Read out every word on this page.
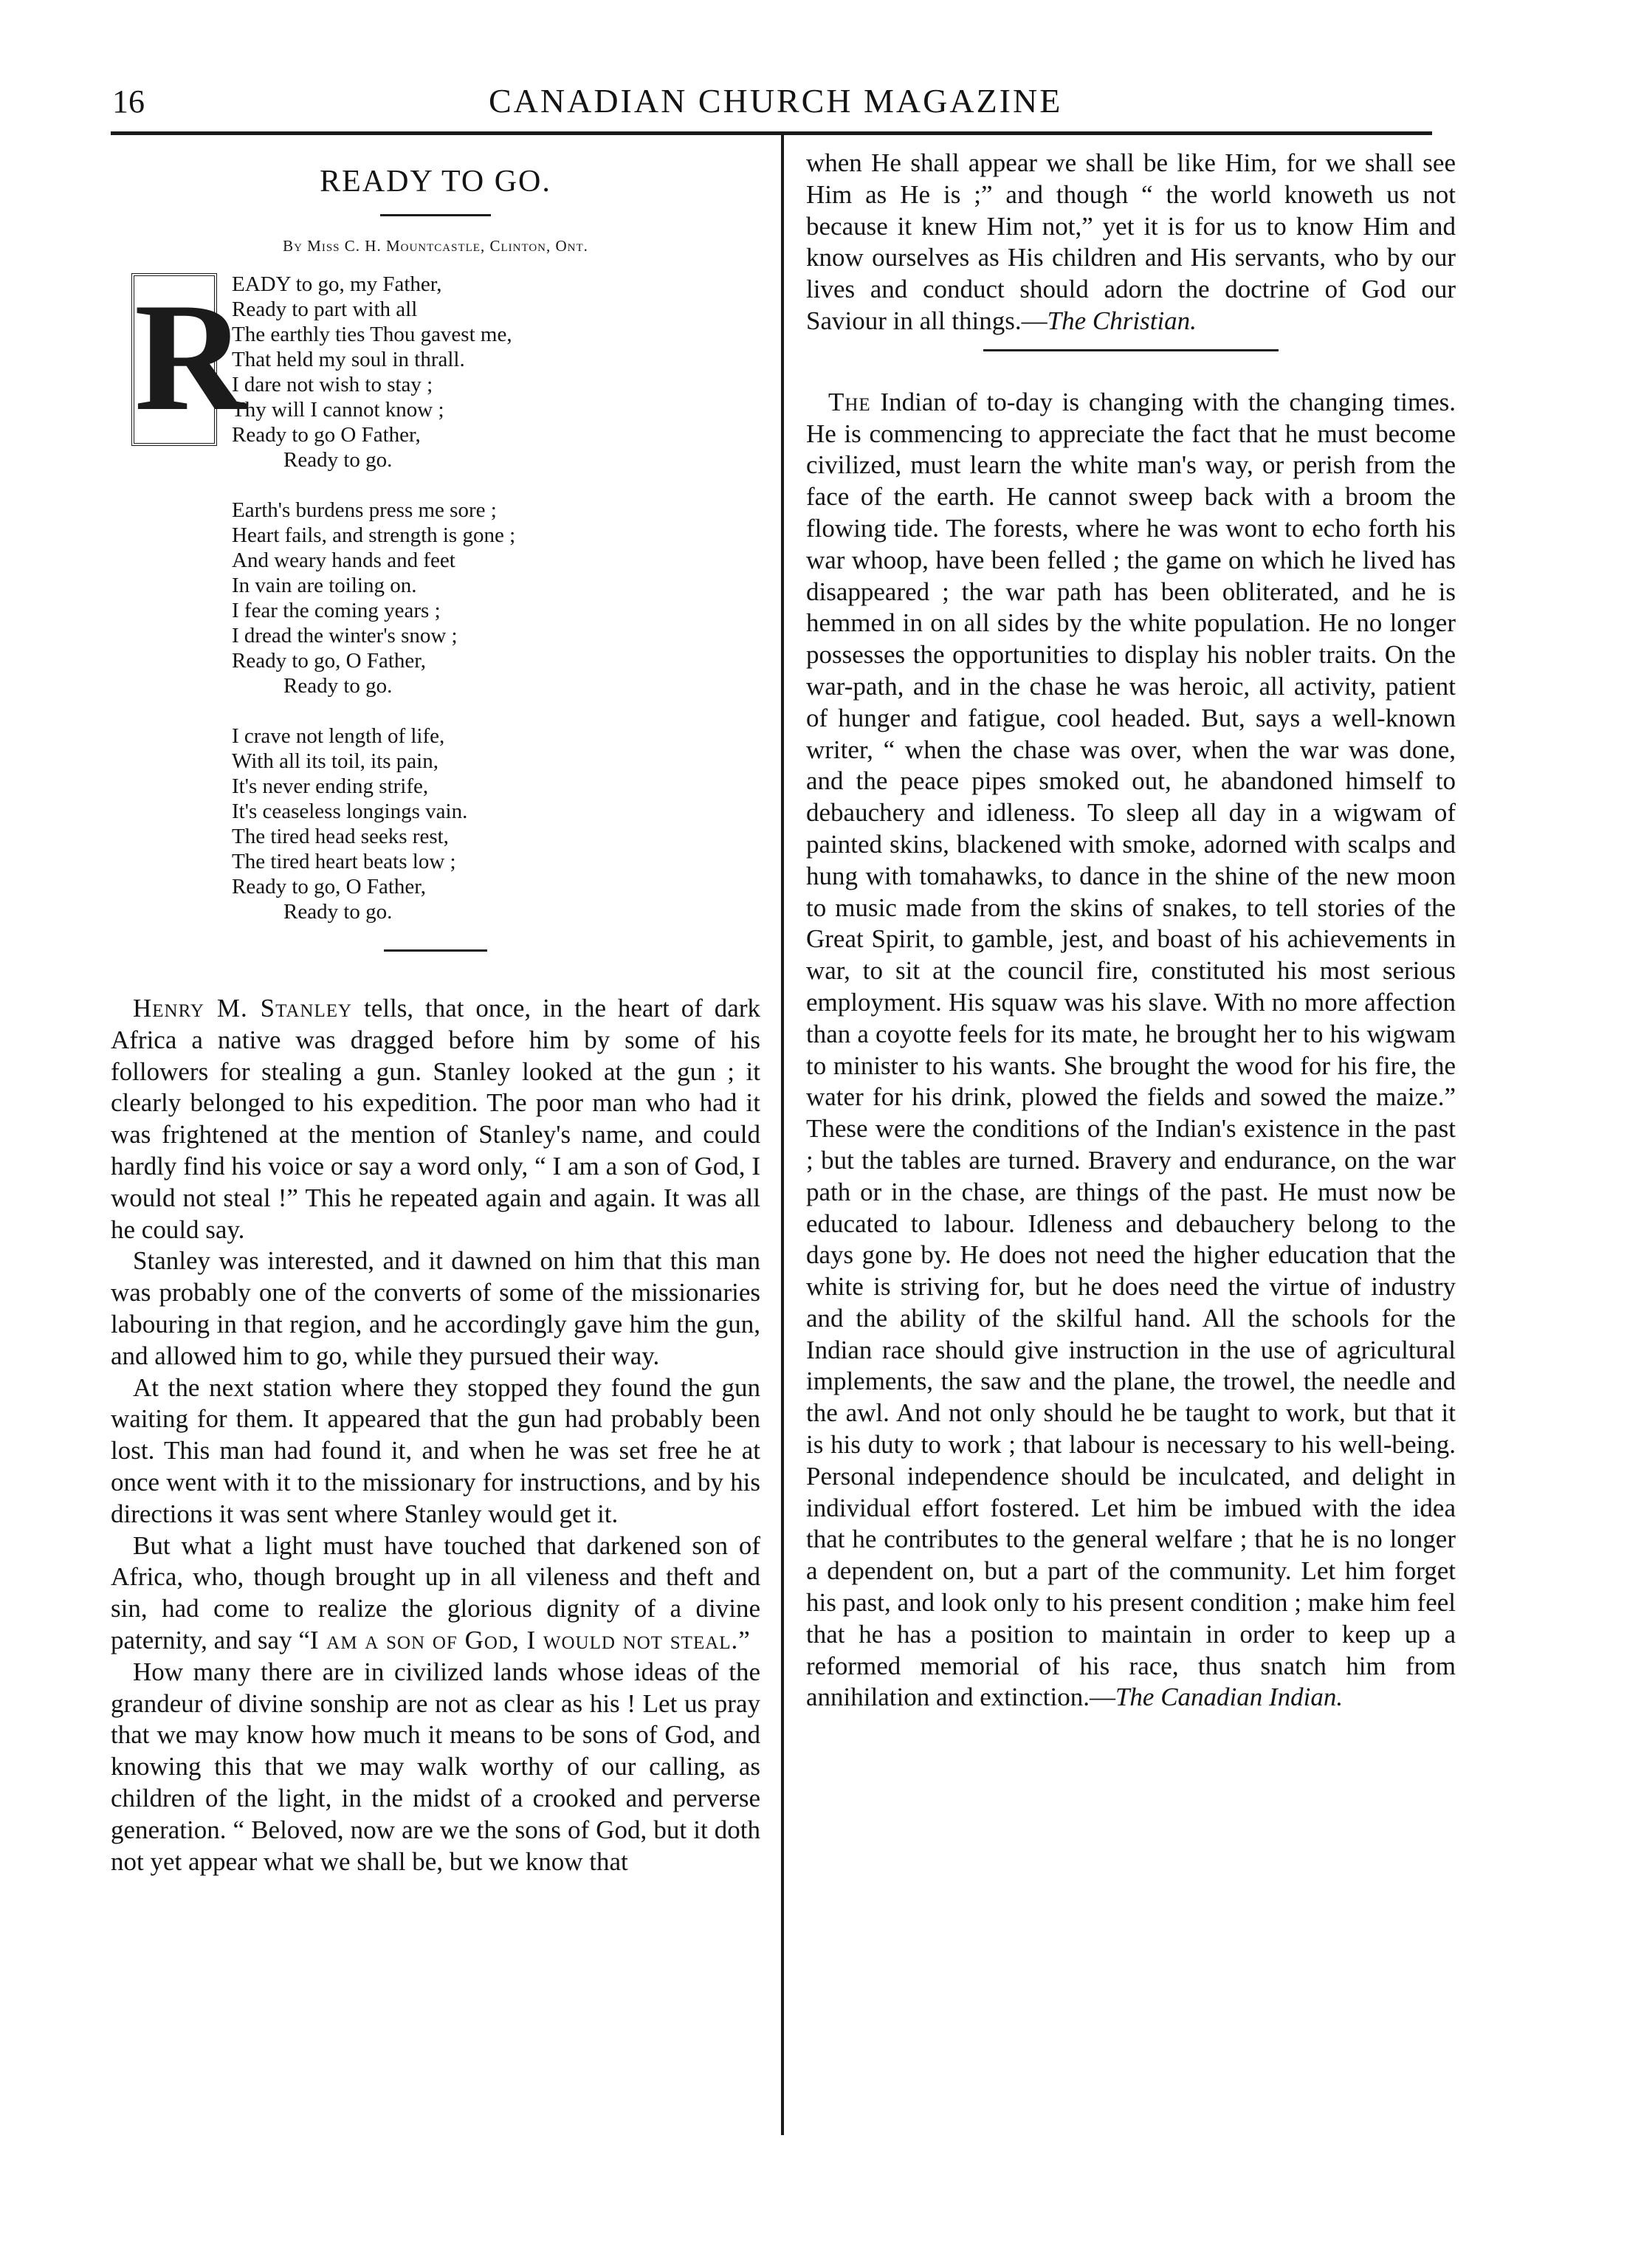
16	CANADIAN CHURCH MAGAZINE
READY TO GO.
By Miss C. H. Mountcastle, Clinton, Ont.
R
EADY to go, my Father,
Ready to part with all
The earthly ties Thou gavest me,
That held my soul in thrall.
I dare not wish to stay ;
Thy will I cannot know ;
Ready to go O Father,
Ready to go.
Earth's burdens press me sore ;
Heart fails, and strength is gone ;
And weary hands and feet
In vain are toiling on.
I fear the coming years ;
I dread the winter's snow ;
Ready to go, O Father,
Ready to go.
I crave not length of life,
With all its toil, its pain,
It's never ending strife,
It's ceaseless longings vain.
The tired head seeks rest,
The tired heart beats low ;
Ready to go, O Father,
Ready to go.

Henry M. Stanley tells, that once, in the heart of dark Africa a native was dragged before him by some of his followers for stealing a gun. Stanley looked at the gun ; it clearly belonged to his expedition. The poor man who had it was frightened at the mention of Stanley's name, and could hardly find his voice or say a word only, “ I am a son of God, I would not steal !” This he repeated again and again. It was all he could say.

Stanley was interested, and it dawned on him that this man was probably one of the converts of some of the missionaries labouring in that region, and he accordingly gave him the gun, and allowed him to go, while they pursued their way.

At the next station where they stopped they found the gun waiting for them. It appeared that the gun had probably been lost. This man had found it, and when he was set free he at once went with it to the missionary for instructions, and by his directions it was sent where Stanley would get it.

But what a light must have touched that darkened son of Africa, who, though brought up in all vileness and theft and sin, had come to realize the glorious dignity of a divine paternity, and say “I am a son of God, I would not steal.”

How many there are in civilized lands whose ideas of the grandeur of divine sonship are not as clear as his ! Let us pray that we may know how much it means to be sons of God, and knowing this that we may walk worthy of our calling, as children of the light, in the midst of a crooked and perverse generation. “ Beloved, now are we the sons of God, but it doth not yet appear what we shall be, but we know that

when He shall appear we shall be like Him, for we shall see Him as He is ;” and though “ the world knoweth us not because it knew Him not,” yet it is for us to know Him and know ourselves as His children and His servants, who by our lives and conduct should adorn the doctrine of God our Saviour in all things.—The Christian.

The Indian of to-day is changing with the changing times. He is commencing to appreciate the fact that he must become civilized, must learn the white man's way, or perish from the face of the earth. He cannot sweep back with a broom the flowing tide. The forests, where he was wont to echo forth his war whoop, have been felled ; the game on which he lived has disappeared ; the war path has been obliterated, and he is hemmed in on all sides by the white population. He no longer possesses the opportunities to display his nobler traits. On the war-path, and in the chase he was heroic, all activity, patient of hunger and fatigue, cool headed. But, says a well-known writer, “ when the chase was over, when the war was done, and the peace pipes smoked out, he abandoned himself to debauchery and idleness. To sleep all day in a wigwam of painted skins, blackened with smoke, adorned with scalps and hung with tomahawks, to dance in the shine of the new moon to music made from the skins of snakes, to tell stories of the Great Spirit, to gamble, jest, and boast of his achievements in war, to sit at the council fire, constituted his most serious employment. His squaw was his slave. With no more affection than a coyotte feels for its mate, he brought her to his wigwam to minister to his wants. She brought the wood for his fire, the water for his drink, plowed the fields and sowed the maize.” These were the conditions of the Indian's existence in the past ; but the tables are turned. Bravery and endurance, on the war path or in the chase, are things of the past. He must now be educated to labour. Idleness and debauchery belong to the days gone by. He does not need the higher education that the white is striving for, but he does need the virtue of industry and the ability of the skilful hand. All the schools for the Indian race should give instruction in the use of agricultural implements, the saw and the plane, the trowel, the needle and the awl. And not only should he be taught to work, but that it is his duty to work ; that labour is necessary to his well-being. Personal independence should be inculcated, and delight in individual effort fostered. Let him be imbued with the idea that he contributes to the general welfare ; that he is no longer a dependent on, but a part of the community. Let him forget his past, and look only to his present condition ; make him feel that he has a position to maintain in order to keep up a reformed memorial of his race, thus snatch him from annihilation and extinction.—The Canadian Indian.
